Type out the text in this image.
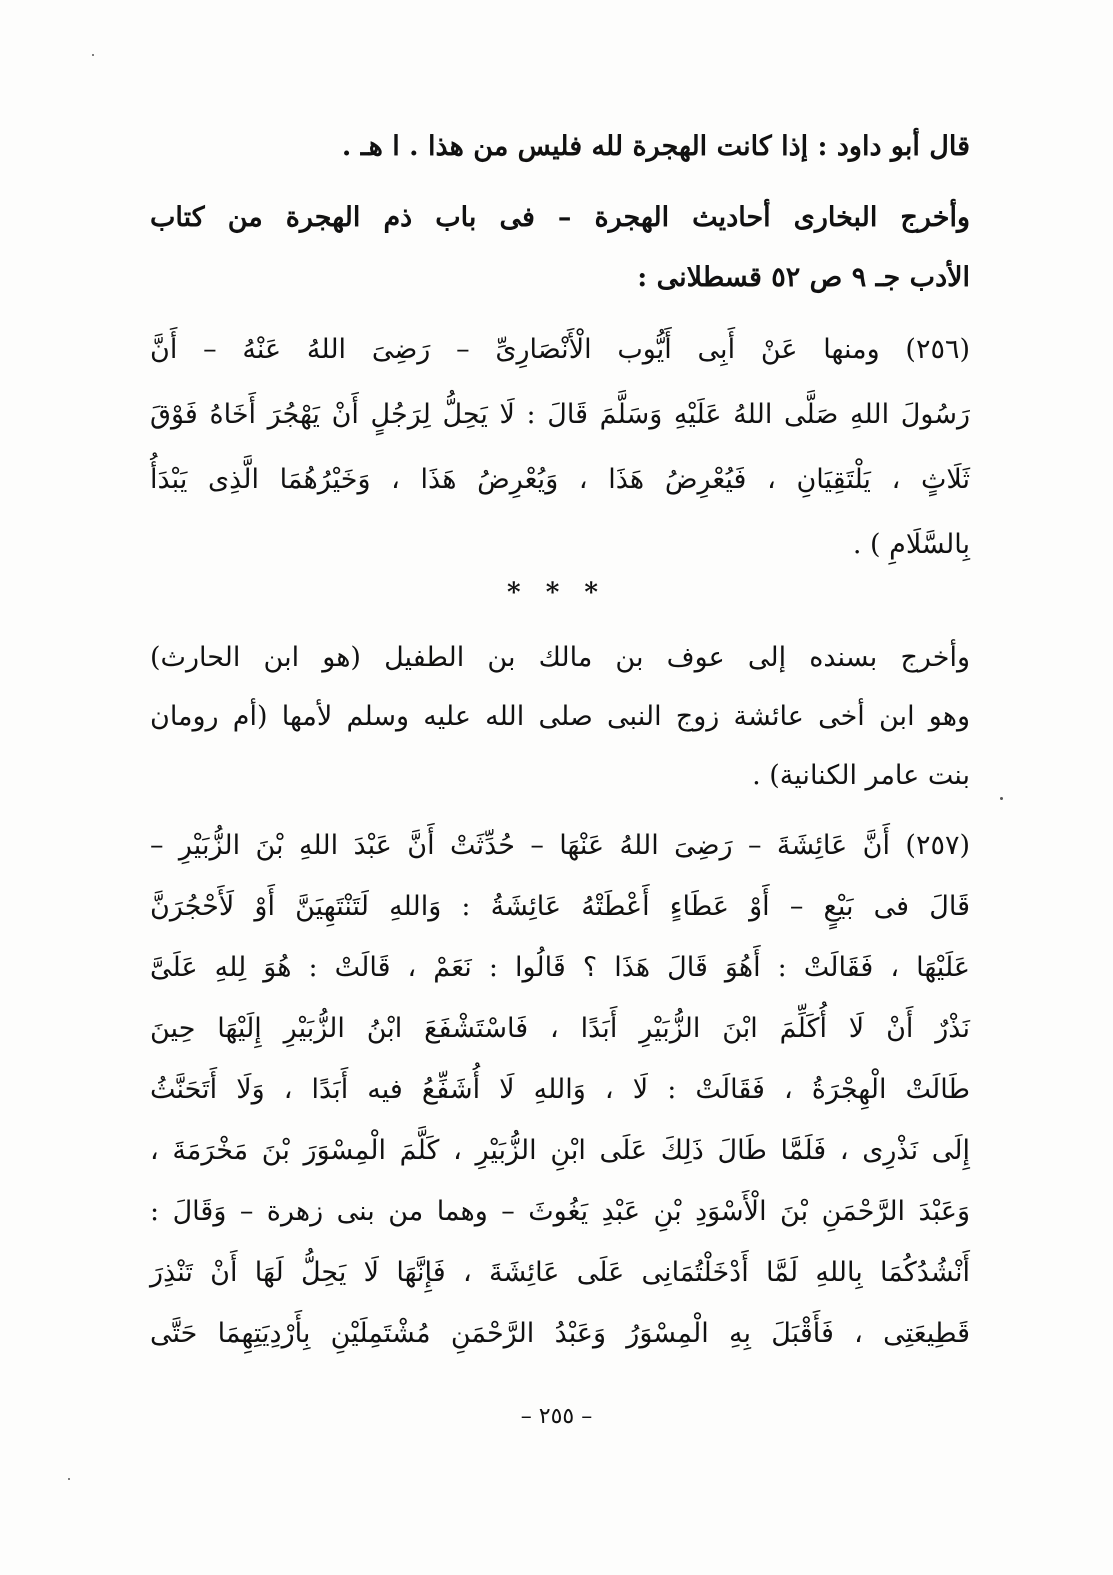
قال أبو داود : إذا كانت الهجرة لله فليس من هذا . ا هـ .
وأخرج البخارى أحاديث الهجرة – فى باب ذم الهجرة من كتاب
الأدب جـ ٩ ص ٥٢ قسطلانى :
(٢٥٦) ومنها عَنْ أَبِى أَيُّوب الْأَنْصَارِىِّ – رَضِىَ اللهُ عَنْهُ – أَنَّ
رَسُولَ اللهِ صَلَّى اللهُ عَلَيْهِ وَسَلَّمَ قَالَ : لَا يَحِلُّ لِرَجُلٍ أَنْ يَهْجُرَ أَخَاهُ فَوْقَ
ثَلَاثٍ ، يَلْتَقِيَانِ ، فَيُعْرِضُ هَذَا ، وَيُعْرِضُ هَذَا ، وَخَيْرُهُمَا الَّذِى يَبْدَأُ
بِالسَّلَامِ ) .
* * *
وأخرج بسنده إلى عوف بن مالك بن الطفيل (هو ابن الحارث)
وهو ابن أخى عائشة زوج النبى صلى الله عليه وسلم لأمها (أم رومان
بنت عامر الكنانية) .
(٢٥٧) أَنَّ عَائِشَةَ – رَضِىَ اللهُ عَنْهَا – حُدِّثَتْ أَنَّ عَبْدَ اللهِ بْنَ الزُّبَيْرِ –
قَالَ فى بَيْعٍ – أَوْ عَطَاءٍ أَعْطَتْهُ عَائِشَةُ : وَاللهِ لَتَنْتَهِيَنَّ أَوْ لَأَحْجُرَنَّ
عَلَيْهَا ، فَقَالَتْ : أَهُوَ قَالَ هَذَا ؟ قَالُوا : نَعَمْ ، قَالَتْ : هُوَ لِلهِ عَلَىَّ
نَذْرٌ أَنْ لَا أُكَلِّمَ ابْنَ الزُّبَيْرِ أَبَدًا ، فَاسْتَشْفَعَ ابْنُ الزُّبَيْرِ إِلَيْهَا حِينَ
طَالَتْ الْهِجْرَةُ ، فَقَالَتْ : لَا ، وَاللهِ لَا أُشَفِّعُ فيه أَبَدًا ، وَلَا أَتَحَنَّثُ
إِلَى نَذْرِى ، فَلَمَّا طَالَ ذَلِكَ عَلَى ابْنِ الزُّبَيْرِ ، كَلَّمَ الْمِسْوَرَ بْنَ مَخْرَمَةَ ،
وَعَبْدَ الرَّحْمَنِ بْنَ الْأَسْوَدِ بْنِ عَبْدِ يَغُوثَ – وهما من بنى زهرة – وَقَالَ :
أَنْشُدُكُمَا بِاللهِ لَمَّا أَدْخَلْتُمَانِى عَلَى عَائِشَةَ ، فَإِنَّهَا لَا يَحِلُّ لَهَا أَنْ تَنْذِرَ
قَطِيعَتِى ، فَأَقْبَلَ بِهِ الْمِسْوَرُ وَعَبْدُ الرَّحْمَنِ مُشْتَمِلَيْنِ بِأَرْدِيَتِهِمَا حَتَّى
– ٢٥٥ –
